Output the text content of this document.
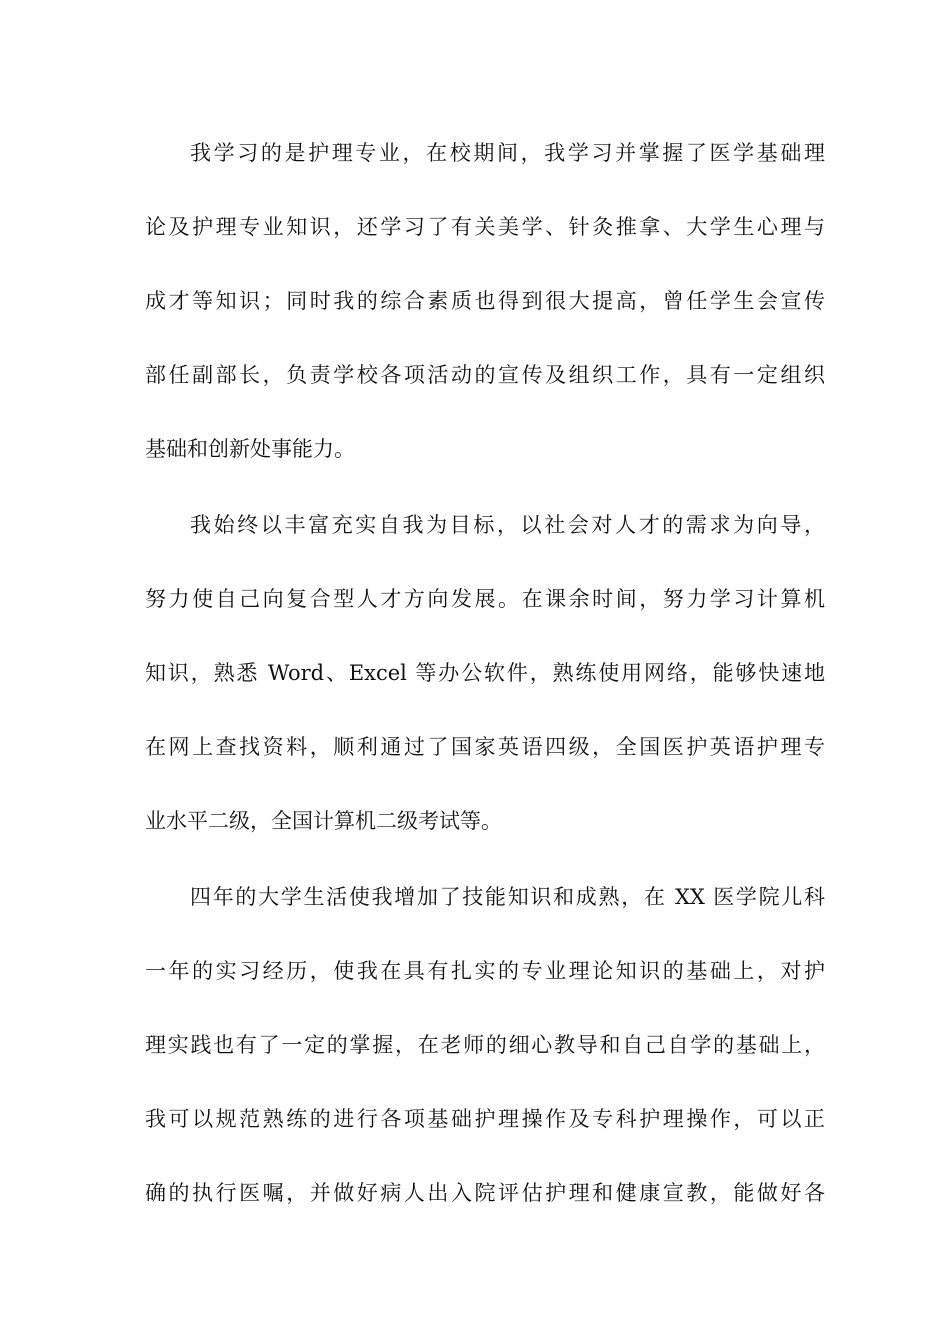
我学习的是护理专业，在校期间，我学习并掌握了医学基础理
论及护理专业知识，还学习了有关美学、针灸推拿、大学生心理与
成才等知识；同时我的综合素质也得到很大提高，曾任学生会宣传
部任副部长，负责学校各项活动的宣传及组织工作，具有一定组织
基础和创新处事能力。
我始终以丰富充实自我为目标，以社会对人才的需求为向导，
努力使自己向复合型人才方向发展。在课余时间，努力学习计算机
知识，熟悉 Word、Excel 等办公软件，熟练使用网络，能够快速地
在网上查找资料，顺利通过了国家英语四级，全国医护英语护理专
业水平二级，全国计算机二级考试等。
四年的大学生活使我增加了技能知识和成熟，在 XX 医学院儿科
一年的实习经历，使我在具有扎实的专业理论知识的基础上，对护
理实践也有了一定的掌握，在老师的细心教导和自己自学的基础上，
我可以规范熟练的进行各项基础护理操作及专科护理操作，可以正
确的执行医嘱，并做好病人出入院评估护理和健康宣教，能做好各
